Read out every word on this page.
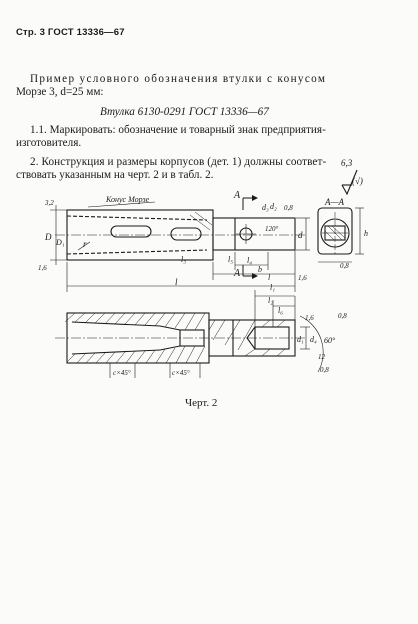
Стр. 3 ГОСТ 13336—67
Пример условного обозначения втулки с конусом
Морзе 3, d=25 мм:
Втулка 6130-0291 ГОСТ 13336—67
1.1. Маркировать: обозначение и товарный знак предприятия-
изготовителя.
2. Конструкция и размеры корпусов (дет. 1) должны соответ-
ствовать указанным на черт. 2 и в табл. 2.
6,3
(√)
Конус Морзе	А
А
А—А
3,2
1,6
D
D₁ r
l₃	l₅ l₄
b
d₃ d₂ 0,8
120°
d
l
l	1,6
h
0,8
l₁
l₂
l₆
1,6	0,8
d₁ d₄ 60°
12
0,8
c×45°	c×45°
Черт. 2
